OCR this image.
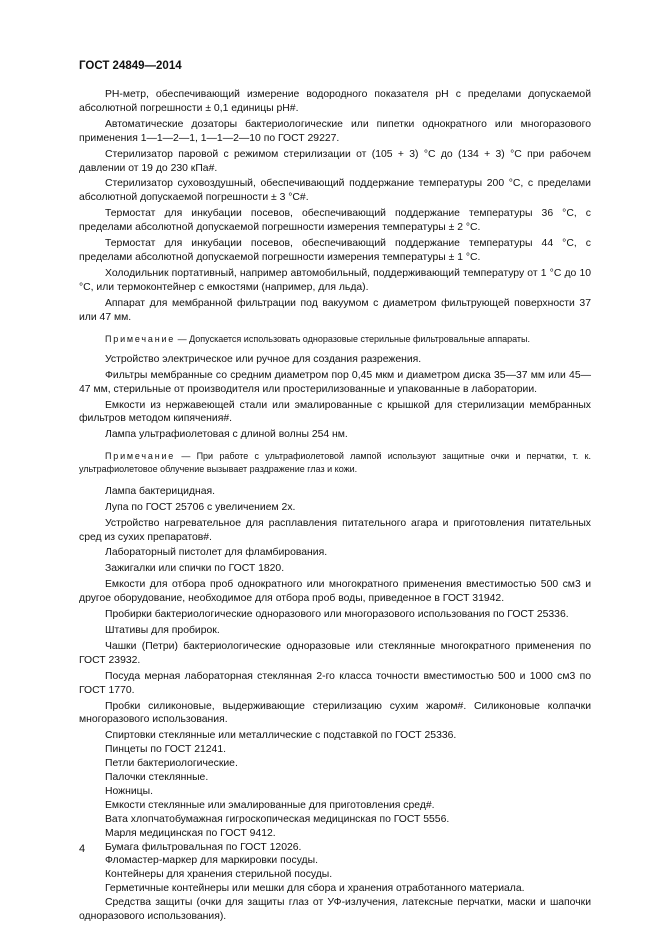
ГОСТ 24849—2014

РН-метр, обеспечивающий измерение водородного показателя pH с пределами допускаемой абсолютной погрешности ± 0,1 единицы pH#.

Автоматические дозаторы бактериологические или пипетки однократного или многоразового применения 1—1—2—1, 1—1—2—10 по ГОСТ 29227.

Стерилизатор паровой с режимом стерилизации от (105 + 3) °С до (134 + 3) °С при рабочем давлении от 19 до 230 кПа#.

Стерилизатор суховоздушный, обеспечивающий поддержание температуры 200 °С, с пределами абсолютной допускаемой погрешности ± 3 °С#.

Термостат для инкубации посевов, обеспечивающий поддержание температуры 36 °С, с пределами абсолютной допускаемой погрешности измерения температуры ± 2 °С.

Термостат для инкубации посевов, обеспечивающий поддержание температуры 44 °С, с пределами абсолютной допускаемой погрешности измерения температуры ± 1 °С.

Холодильник портативный, например автомобильный, поддерживающий температуру от 1 °С до 10 °С, или термоконтейнер с емкостями (например, для льда).

Аппарат для мембранной фильтрации под вакуумом с диаметром фильтрующей поверхности 37 или 47 мм.

Примечание — Допускается использовать одноразовые стерильные фильтровальные аппараты.

Устройство электрическое или ручное для создания разрежения.

Фильтры мембранные со средним диаметром пор 0,45 мкм и диаметром диска 35—37 мм или 45—47 мм, стерильные от производителя или простерилизованные и упакованные в лаборатории.

Емкости из нержавеющей стали или эмалированные с крышкой для стерилизации мембранных фильтров методом кипячения#.

Лампа ультрафиолетовая с длиной волны 254 нм.

Примечание — При работе с ультрафиолетовой лампой используют защитные очки и перчатки, т. к. ультрафиолетовое облучение вызывает раздражение глаз и кожи.

Лампа бактерицидная.

Лупа по ГОСТ 25706 с увеличением 2х.

Устройство нагревательное для расплавления питательного агара и приготовления питательных сред из сухих препаратов#.

Лабораторный пистолет для фламбирования.

Зажигалки или спички по ГОСТ 1820.

Емкости для отбора проб однократного или многократного применения вместимостью 500 см3 и другое оборудование, необходимое для отбора проб воды, приведенное в ГОСТ 31942.

Пробирки бактериологические одноразового или многоразового использования по ГОСТ 25336.

Штативы для пробирок.

Чашки (Петри) бактериологические одноразовые или стеклянные многократного применения по ГОСТ 23932.

Посуда мерная лабораторная стеклянная 2-го класса точности вместимостью 500 и 1000 см3 по ГОСТ 1770.

Пробки силиконовые, выдерживающие стерилизацию сухим жаром#. Силиконовые колпачки многоразового использования.

Спиртовки стеклянные или металлические с подставкой по ГОСТ 25336.

Пинцеты по ГОСТ 21241.

Петли бактериологические.

Палочки стеклянные.

Ножницы.

Емкости стеклянные или эмалированные для приготовления сред#.

Вата хлопчатобумажная гигроскопическая медицинская по ГОСТ 5556.

Марля медицинская по ГОСТ 9412.

Бумага фильтровальная по ГОСТ 12026.

Фломастер-маркер для маркировки посуды.

Контейнеры для хранения стерильной посуды.

Герметичные контейнеры или мешки для сбора и хранения отработанного материала.

Средства защиты (очки для защиты глаз от УФ-излучения, латексные перчатки, маски и шапочки одноразового использования).

4
